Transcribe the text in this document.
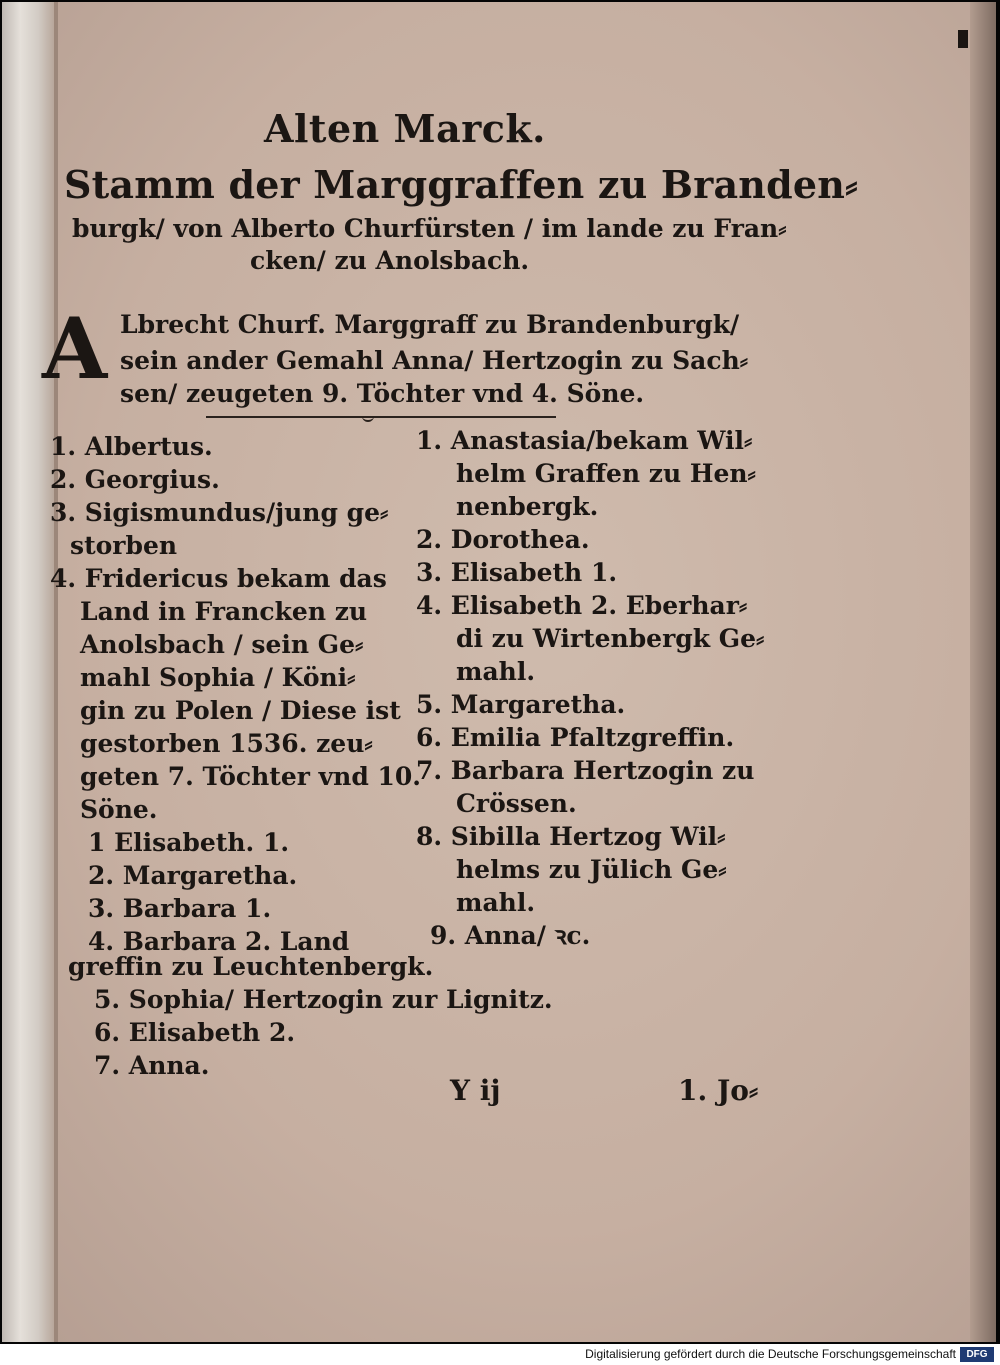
Alten Marck.
Stamm der Marggraffen zu Branden⸗
burgk/ von Alberto Churfürsten / im lande zu Fran⸗
cken/ zu Anolsbach.
A Lbrecht Churf. Marggraff zu Brandenburgk/
sein ander Gemahl Anna/ Hertzogin zu Sach⸗
sen/ zeugeten 9. Töchter vnd 4. Söne.
1. Albertus.
2. Georgius.
3. Sigismundus/jung ge⸗
storben
4. Fridericus bekam das
Land in Francken zu
Anolsbach / sein Ge⸗
mahl Sophia / Köni⸗
gin zu Polen / Diese ist
gestorben 1536. zeu⸗
geten 7. Töchter vnd 10.
Söne.
1 Elisabeth. 1.
2. Margaretha.
3. Barbara 1.
4. Barbara 2. Land
1. Anastasia/bekam Wil⸗
helm Graffen zu Hen⸗
nenbergk.
2. Dorothea.
3. Elisabeth 1.
4. Elisabeth 2. Eberhar⸗
di zu Wirtenbergk Ge⸗
mahl.
5. Margaretha.
6. Emilia Pfaltzgreffin.
7. Barbara Hertzogin zu
Crössen.
8. Sibilla Hertzog Wil⸗
helms zu Jülich Ge⸗
mahl.
9. Anna/ ꝛc.
greffin zu Leuchtenbergk.
5. Sophia/ Hertzogin zur Lignitz.
6. Elisabeth 2.
7. Anna.
Y ij	1. Jo⸗
Digitalisierung gefördert durch die Deutsche Forschungsgemeinschaft	DFG
